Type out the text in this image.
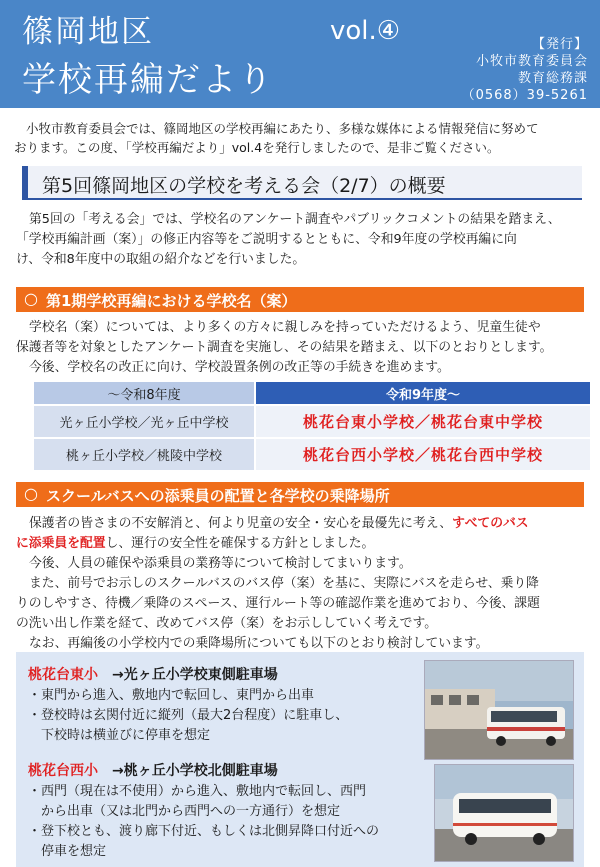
篠岡地区
学校再編だより
vol.④	【発行】
小牧市教育委員会
教育総務課
（0568）39-5261

小牧市教育委員会では、篠岡地区の学校再編にあたり、多様な媒体による情報発信に努めて

おります。この度、「学校再編だより」vol.4を発行しましたので、是非ご覧ください。

第5回篠岡地区の学校を考える会（2/7）の概要
第5回の「考える会」では、学校名のアンケート調査やパブリックコメントの結果を踏まえ、
「学校再編計画（案）」の修正内容等をご説明するとともに、令和9年度の学校再編に向
け、令和8年度中の取組の紹介などを行いました。
○ 第1期学校再編における学校名（案）
学校名（案）については、より多くの方々に親しみを持っていただけるよう、児童生徒や
保護者等を対象としたアンケート調査を実施し、その結果を踏まえ、以下のとおりとします。
今後、学校名の改正に向け、学校設置条例の改正等の手続きを進めます。
～令和8年度	令和9年度～
光ヶ丘小学校／光ヶ丘中学校	桃花台東小学校／桃花台東中学校
桃ヶ丘小学校／桃陵中学校	桃花台西小学校／桃花台西中学校
○ スクールバスへの添乗員の配置と各学校の乗降場所
保護者の皆さまの不安解消と、何より児童の安全・安心を最優先に考え、すべてのバス
に添乗員を配置し、運行の安全性を確保する方針としました。
今後、人員の確保や添乗員の業務等について検討してまいります。
また、前号でお示しのスクールバスのバス停（案）を基に、実際にバスを走らせ、乗り降
りのしやすさ、待機／乗降のスペース、運行ルート等の確認作業を進めており、今後、課題
の洗い出し作業を経て、改めてバス停（案）をお示ししていく考えです。
なお、再編後の小学校内での乗降場所についても以下のとおり検討しています。
桃花台東小 →光ヶ丘小学校東側駐車場
・東門から進入、敷地内で転回し、東門から出車
・登校時は玄関付近に縦列（最大2台程度）に駐車し、
　下校時は横並びに停車を想定
桃花台西小 →桃ヶ丘小学校北側駐車場
・西門（現在は不使用）から進入、敷地内で転回し、西門
　から出車（又は北門から西門への一方通行）を想定
・登下校とも、渡り廊下付近、もしくは北側昇降口付近への
　停車を想定
